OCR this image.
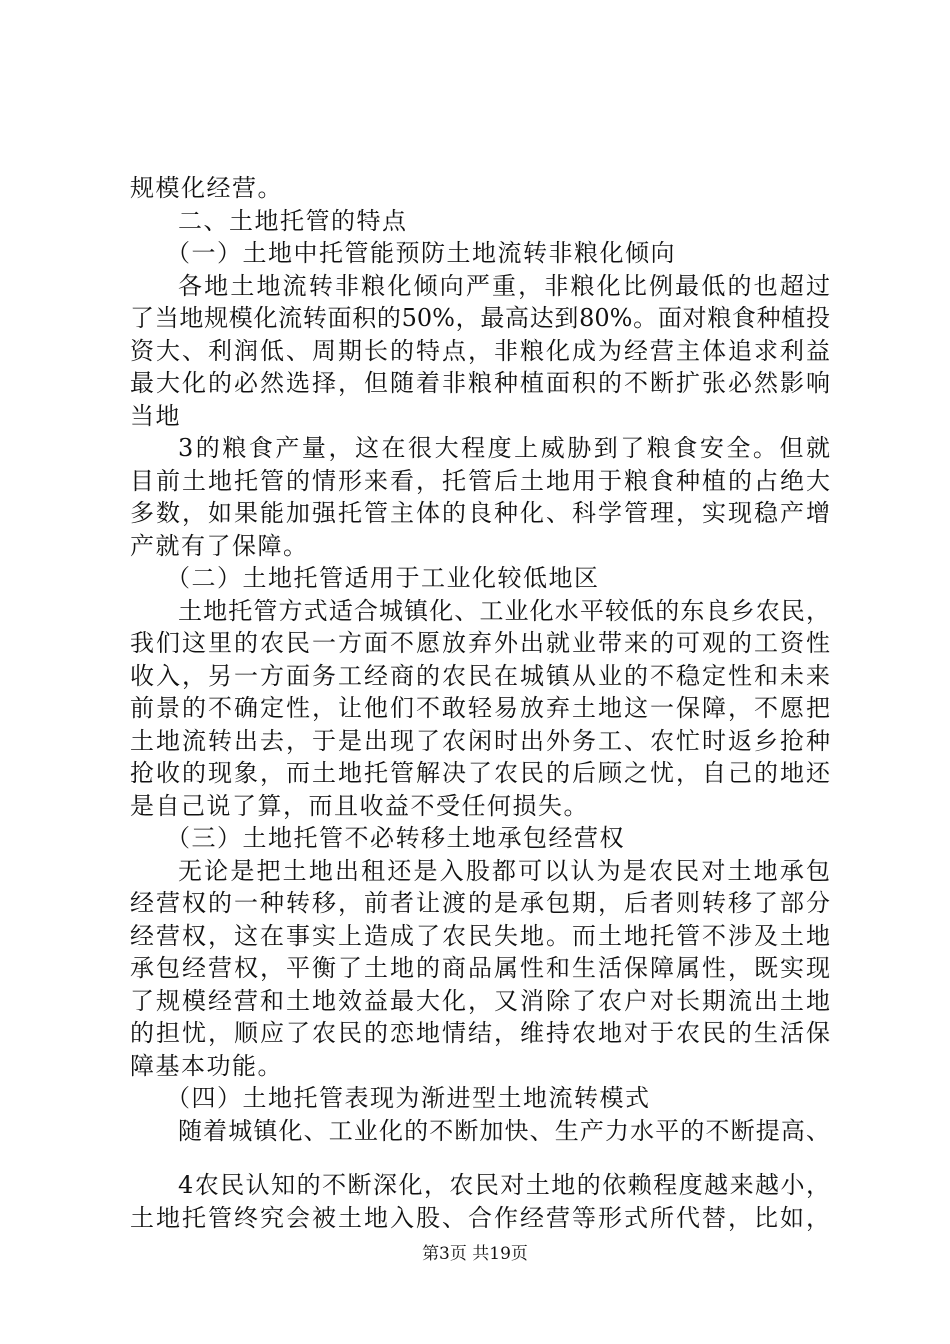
规模化经营。
二、土地托管的特点
（一）土地中托管能预防土地流转非粮化倾向
各地土地流转非粮化倾向严重，非粮化比例最低的也超过
了当地规模化流转面积的50%，最高达到80%。面对粮食种植投
资大、利润低、周期长的特点，非粮化成为经营主体追求利益
最大化的必然选择，但随着非粮种植面积的不断扩张必然影响
当地
3的粮食产量，这在很大程度上威胁到了粮食安全。但就
目前土地托管的情形来看，托管后土地用于粮食种植的占绝大
多数，如果能加强托管主体的良种化、科学管理，实现稳产增
产就有了保障。
（二）土地托管适用于工业化较低地区
土地托管方式适合城镇化、工业化水平较低的东良乡农民，
我们这里的农民一方面不愿放弃外出就业带来的可观的工资性
收入，另一方面务工经商的农民在城镇从业的不稳定性和未来
前景的不确定性，让他们不敢轻易放弃土地这一保障，不愿把
土地流转出去，于是出现了农闲时出外务工、农忙时返乡抢种
抢收的现象，而土地托管解决了农民的后顾之忧，自己的地还
是自己说了算，而且收益不受任何损失。
（三）土地托管不必转移土地承包经营权
无论是把土地出租还是入股都可以认为是农民对土地承包
经营权的一种转移，前者让渡的是承包期，后者则转移了部分
经营权，这在事实上造成了农民失地。而土地托管不涉及土地
承包经营权，平衡了土地的商品属性和生活保障属性，既实现
了规模经营和土地效益最大化，又消除了农户对长期流出土地
的担忧，顺应了农民的恋地情结，维持农地对于农民的生活保
障基本功能。
（四）土地托管表现为渐进型土地流转模式
随着城镇化、工业化的不断加快、生产力水平的不断提高、
4农民认知的不断深化，农民对土地的依赖程度越来越小，
土地托管终究会被土地入股、合作经营等形式所代替，比如，
第3页 共19页
